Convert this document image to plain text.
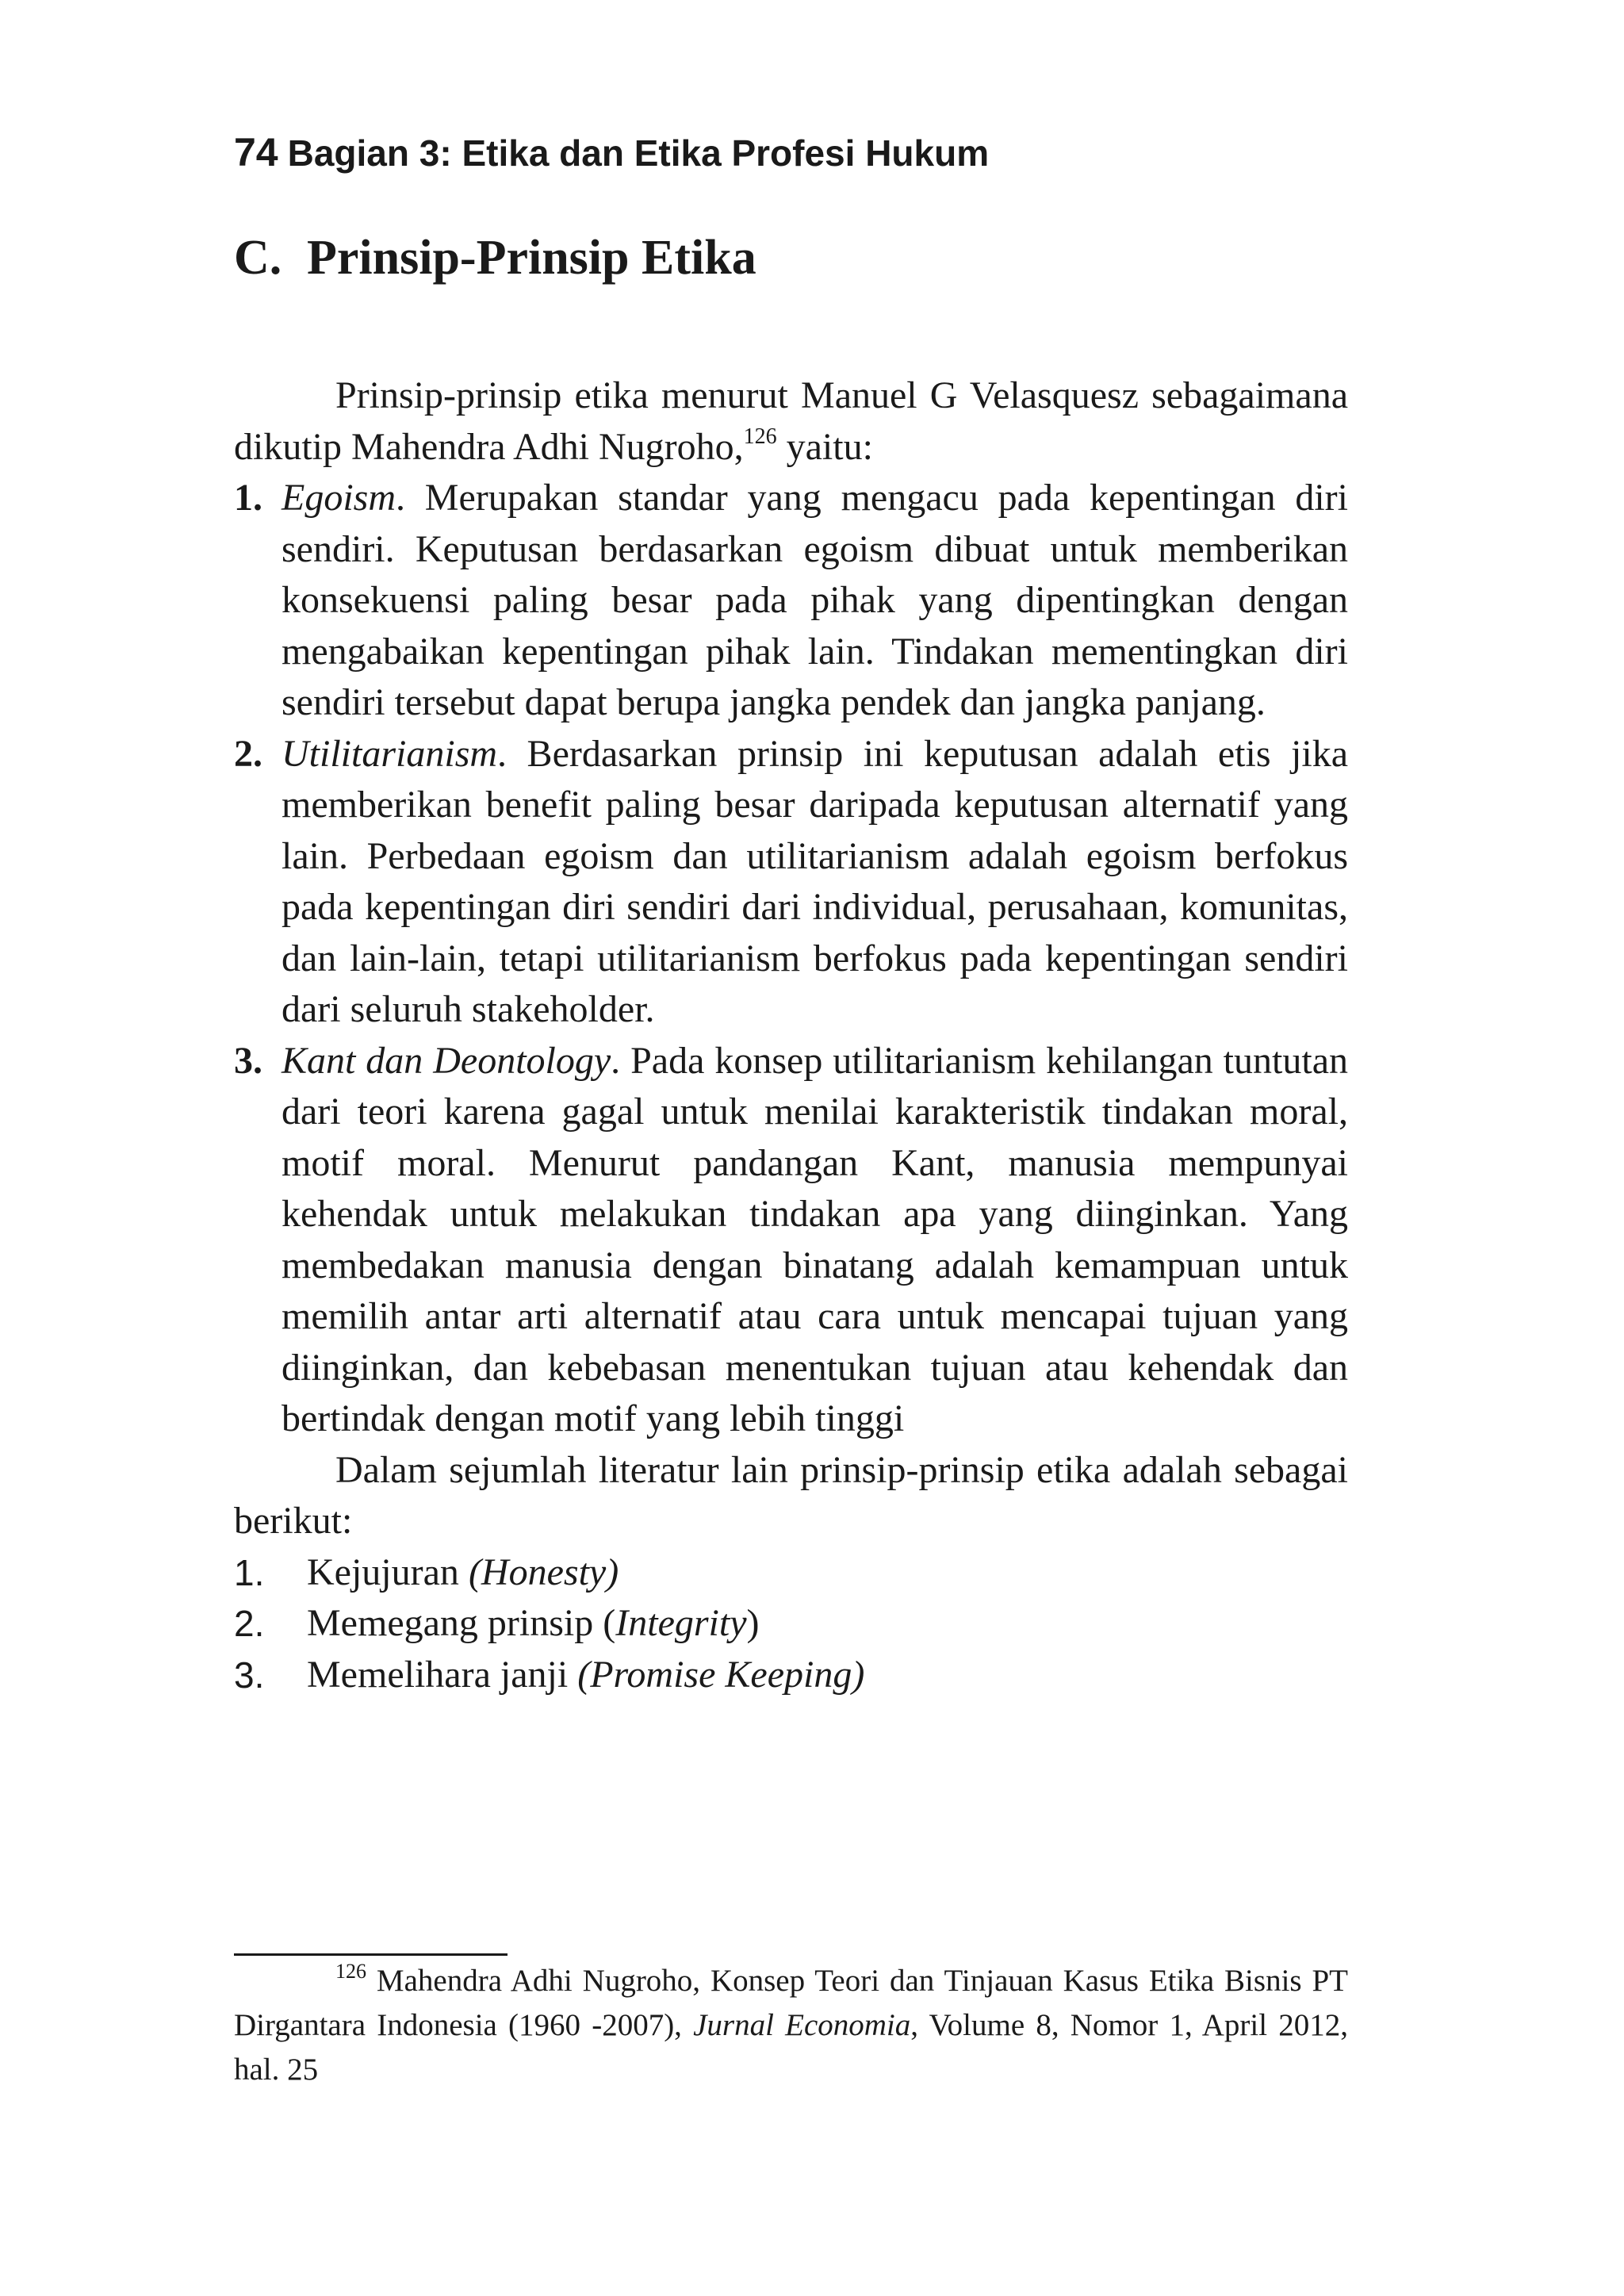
74 Bagian 3: Etika dan Etika Profesi Hukum
C. Prinsip-Prinsip Etika

Prinsip-prinsip etika menurut Manuel G Velasquesz sebagaimana dikutip Mahendra Adhi Nugroho,$^{126}$ yaitu:

1. Egoism. Merupakan standar yang mengacu pada kepentingan diri sendiri. Keputusan berdasarkan egoism dibuat untuk memberikan konsekuensi paling besar pada pihak yang dipentingkan dengan mengabaikan kepentingan pihak lain. Tindakan mementingkan diri sendiri tersebut dapat berupa jangka pendek dan jangka panjang.
2. Utilitarianism. Berdasarkan prinsip ini keputusan adalah etis jika memberikan benefit paling besar daripada keputusan alternatif yang lain. Perbedaan egoism dan utilitarianism adalah egoism berfokus pada kepentingan diri sendiri dari individual, perusahaan, komunitas, dan lain-lain, tetapi utilitarianism berfokus pada kepentingan sendiri dari seluruh stakeholder.
3. Kant dan Deontology. Pada konsep utilitarianism kehilangan tuntutan dari teori karena gagal untuk menilai karakteristik tindakan moral, motif moral. Menurut pandangan Kant, manusia mempunyai kehendak untuk melakukan tindakan apa yang diinginkan. Yang membedakan manusia dengan binatang adalah kemampuan untuk memilih antar arti alternatif atau cara untuk mencapai tujuan yang diinginkan, dan kebebasan menentukan tujuan atau kehendak dan bertindak dengan motif yang lebih tinggi

Dalam sejumlah literatur lain prinsip-prinsip etika adalah sebagai berikut:

1. Kejujuran (Honesty)
2. Memegang prinsip (Integrity)
3. Memelihara janji (Promise Keeping)

$^{126}$ Mahendra Adhi Nugroho, Konsep Teori dan Tinjauan Kasus Etika Bisnis PT Dirgantara Indonesia (1960 -2007), Jurnal Economia, Volume 8, Nomor 1, April 2012, hal. 25
